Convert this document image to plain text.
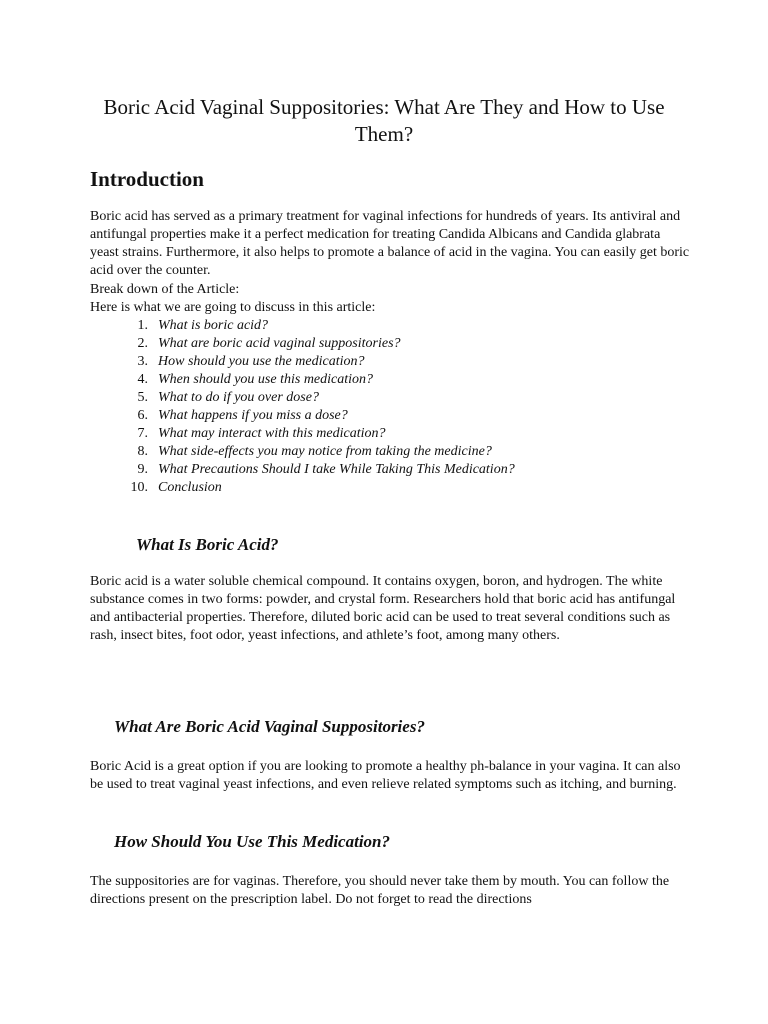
Boric Acid Vaginal Suppositories: What Are They and How to Use Them?
Introduction

Boric acid has served as a primary treatment for vaginal infections for hundreds of years. Its antiviral and antifungal properties make it a perfect medication for treating Candida Albicans and Candida glabrata yeast strains. Furthermore, it also helps to promote a balance of acid in the vagina. You can easily get boric acid over the counter.

Break down of the Article:

Here is what we are going to discuss in this article:

1. What is boric acid?
2. What are boric acid vaginal suppositories?
3. How should you use the medication?
4. When should you use this medication?
5. What to do if you over dose?
6. What happens if you miss a dose?
7. What may interact with this medication?
8. What side-effects you may notice from taking the medicine?
9. What Precautions Should I take While Taking This Medication?
10. Conclusion
What Is Boric Acid?

Boric acid is a water soluble chemical compound. It contains oxygen, boron, and hydrogen. The white substance comes in two forms: powder, and crystal form. Researchers hold that boric acid has antifungal and antibacterial properties. Therefore, diluted boric acid can be used to treat several conditions such as rash, insect bites, foot odor, yeast infections, and athlete’s foot, among many others.

What Are Boric Acid Vaginal Suppositories?

Boric Acid is a great option if you are looking to promote a healthy ph-balance in your vagina. It can also be used to treat vaginal yeast infections, and even relieve related symptoms such as itching, and burning.

How Should You Use This Medication?

The suppositories are for vaginas. Therefore, you should never take them by mouth. You can follow the directions present on the prescription label. Do not forget to read the directions
